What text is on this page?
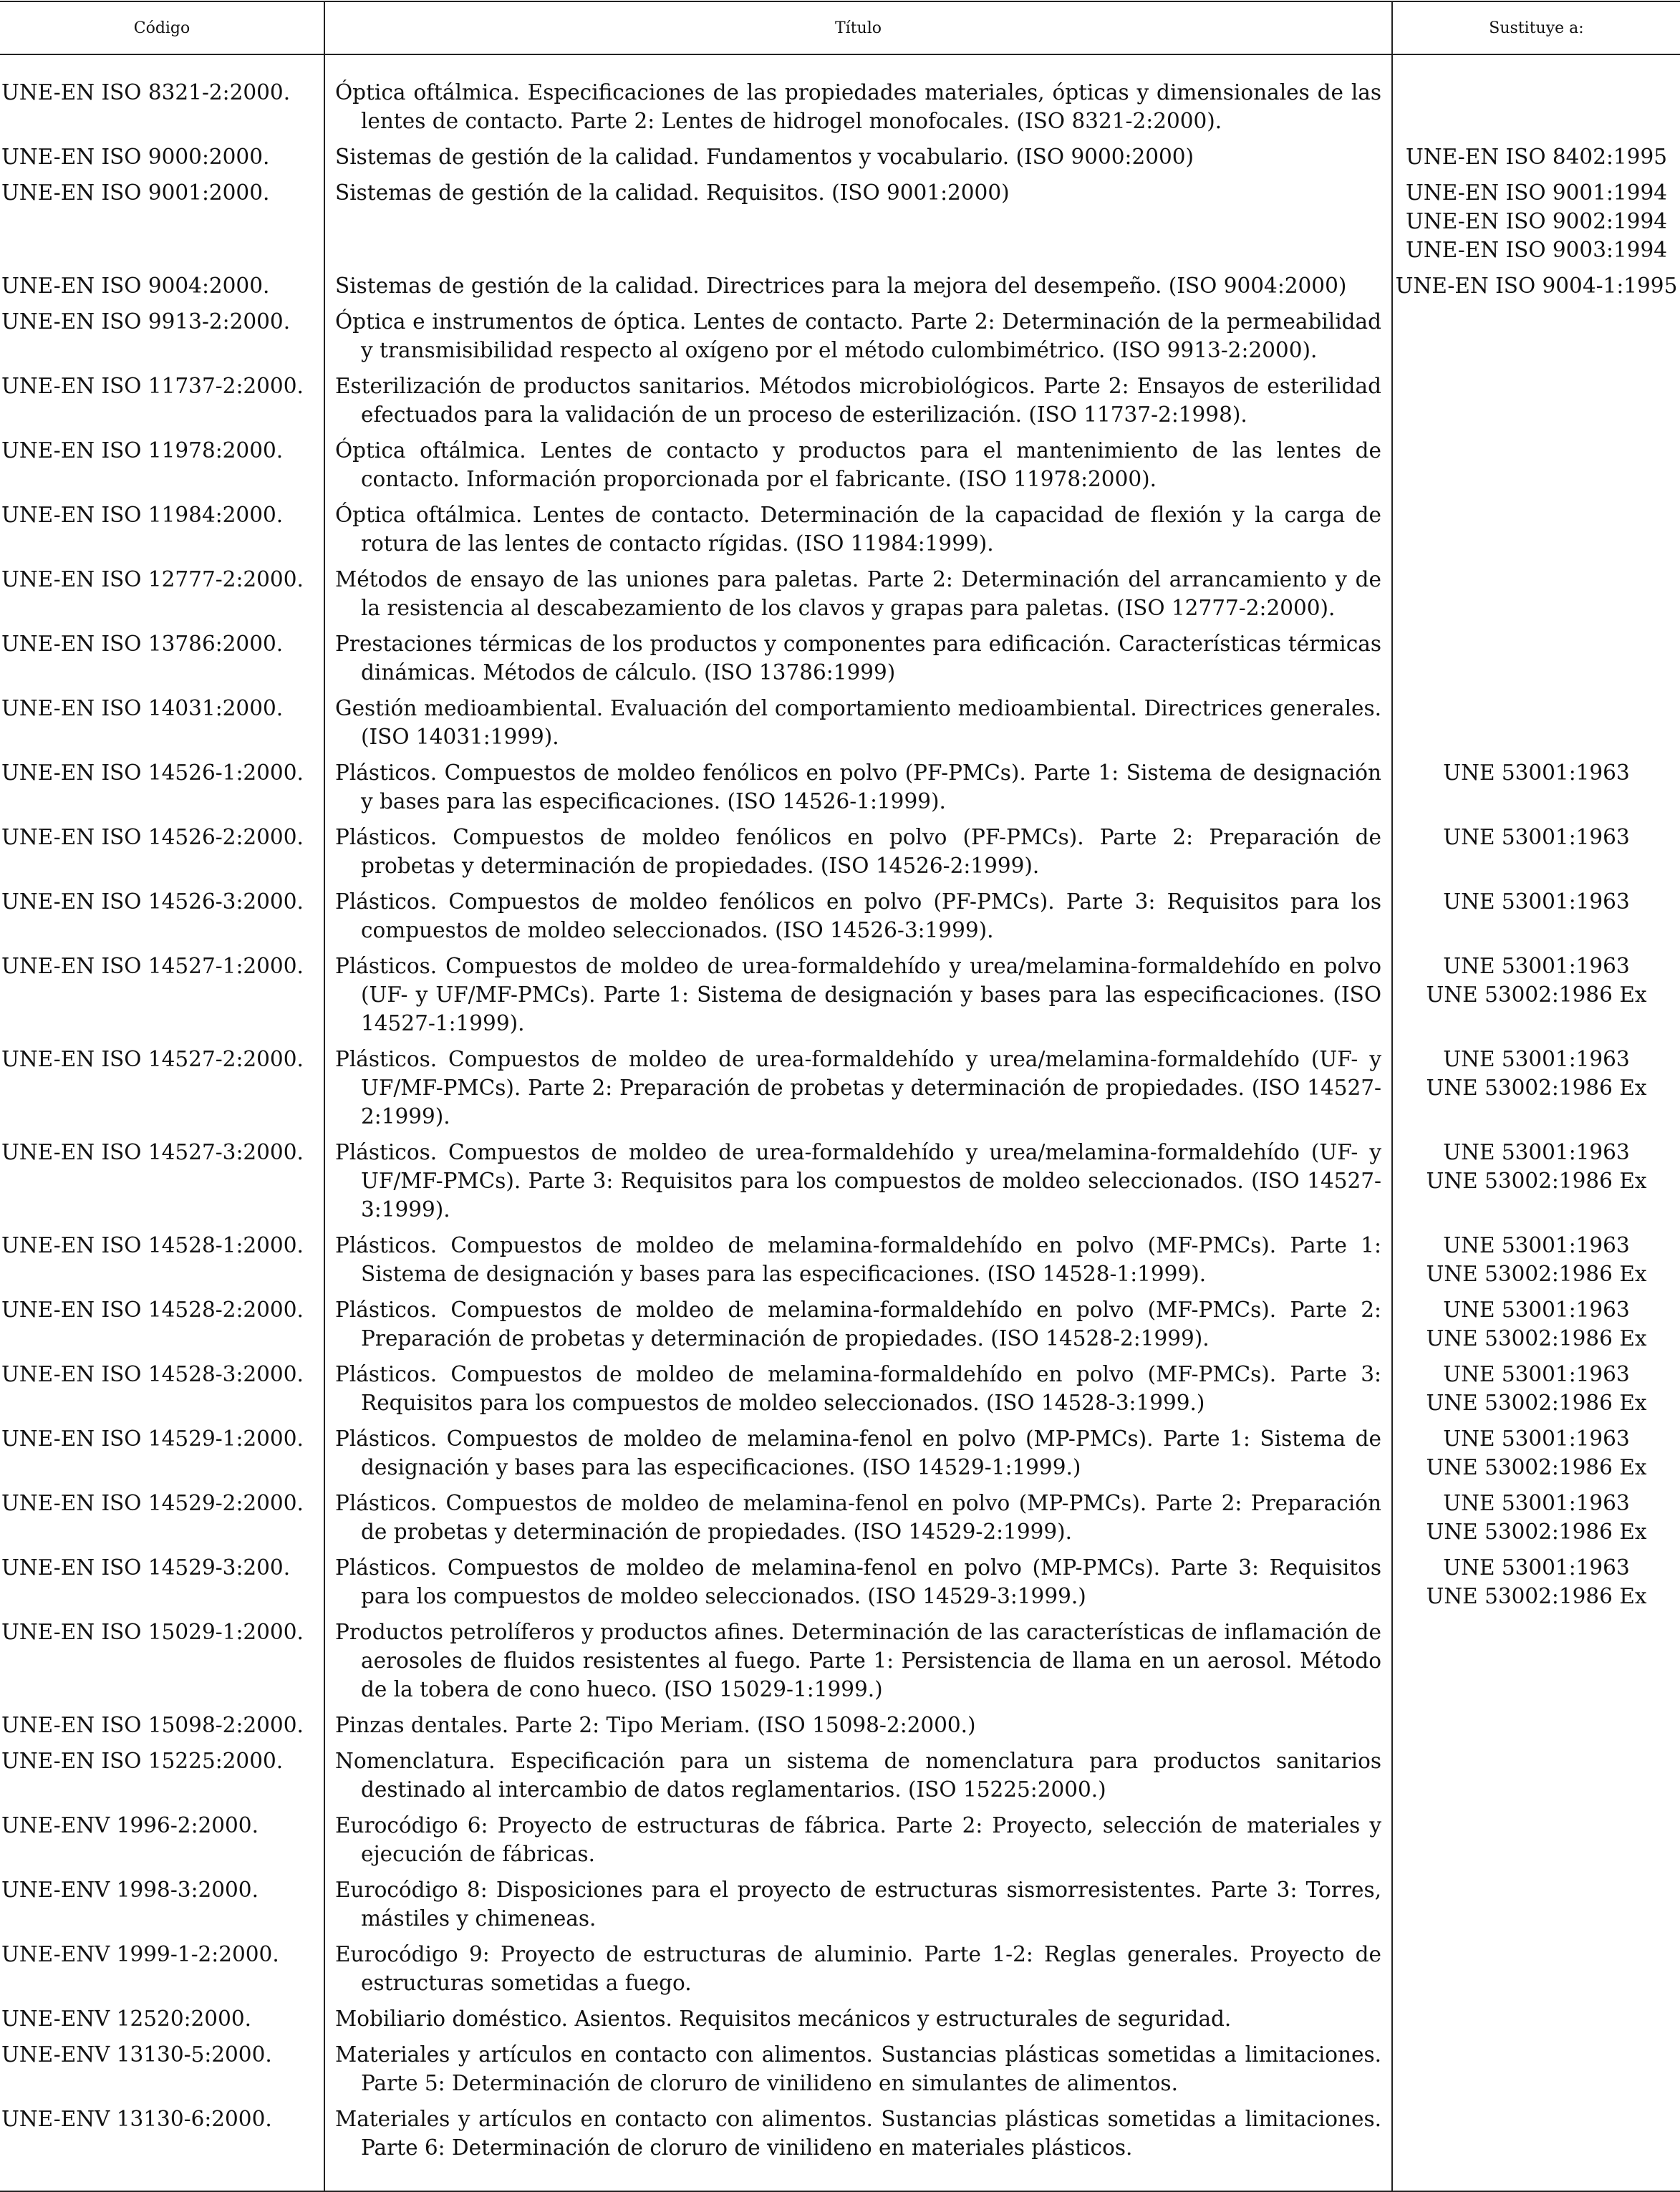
Código	Título	Sustituye a:
UNE-EN ISO 8321-2:2000.	Óptica oftálmica. Especificaciones de las propiedades materiales, ópticas y dimensionales de las lentes de contacto. Parte 2: Lentes de hidrogel monofocales. (ISO 8321-2:2000).	

UNE-EN ISO 9000:2000.	Sistemas de gestión de la calidad. Fundamentos y vocabulario. (ISO 9000:2000)	UNE-EN ISO 8402:1995

UNE-EN ISO 9001:2000.	Sistemas de gestión de la calidad. Requisitos. (ISO 9001:2000)	UNE-EN ISO 9001:1994
UNE-EN ISO 9002:1994
UNE-EN ISO 9003:1994

UNE-EN ISO 9004:2000.	Sistemas de gestión de la calidad. Directrices para la mejora del desempeño. (ISO 9004:2000)	UNE-EN ISO 9004-1:1995

UNE-EN ISO 9913-2:2000.	Óptica e instrumentos de óptica. Lentes de contacto. Parte 2: Determinación de la permeabilidad y transmisibilidad respecto al oxígeno por el método culombimétrico. (ISO 9913-2:2000).	

UNE-EN ISO 11737-2:2000.	Esterilización de productos sanitarios. Métodos microbiológicos. Parte 2: Ensayos de esterilidad efectuados para la validación de un proceso de esterilización. (ISO 11737-2:1998).	

UNE-EN ISO 11978:2000.	Óptica oftálmica. Lentes de contacto y productos para el mantenimiento de las lentes de contacto. Información proporcionada por el fabricante. (ISO 11978:2000).	

UNE-EN ISO 11984:2000.	Óptica oftálmica. Lentes de contacto. Determinación de la capacidad de flexión y la carga de rotura de las lentes de contacto rígidas. (ISO 11984:1999).	

UNE-EN ISO 12777-2:2000.	Métodos de ensayo de las uniones para paletas. Parte 2: Determinación del arrancamiento y de la resistencia al descabezamiento de los clavos y grapas para paletas. (ISO 12777-2:2000).	

UNE-EN ISO 13786:2000.	Prestaciones térmicas de los productos y componentes para edificación. Características térmicas dinámicas. Métodos de cálculo. (ISO 13786:1999)	

UNE-EN ISO 14031:2000.	Gestión medioambiental. Evaluación del comportamiento medioambiental. Directrices generales. (ISO 14031:1999).	

UNE-EN ISO 14526-1:2000.	Plásticos. Compuestos de moldeo fenólicos en polvo (PF-PMCs). Parte 1: Sistema de designación y bases para las especificaciones. (ISO 14526-1:1999).	UNE 53001:1963

UNE-EN ISO 14526-2:2000.	Plásticos. Compuestos de moldeo fenólicos en polvo (PF-PMCs). Parte 2: Preparación de probetas y determinación de propiedades. (ISO 14526-2:1999).	UNE 53001:1963

UNE-EN ISO 14526-3:2000.	Plásticos. Compuestos de moldeo fenólicos en polvo (PF-PMCs). Parte 3: Requisitos para los compuestos de moldeo seleccionados. (ISO 14526-3:1999).	UNE 53001:1963

UNE-EN ISO 14527-1:2000.	Plásticos. Compuestos de moldeo de urea-formaldehído y urea/melamina-formaldehído en polvo (UF- y UF/MF-PMCs). Parte 1: Sistema de designación y bases para las especificaciones. (ISO 14527-1:1999).	UNE 53001:1963
UNE 53002:1986 Ex

UNE-EN ISO 14527-2:2000.	Plásticos. Compuestos de moldeo de urea-formaldehído y urea/melamina-formaldehído (UF- y UF/MF-PMCs). Parte 2: Preparación de probetas y determinación de propiedades. (ISO 14527-2:1999).	UNE 53001:1963
UNE 53002:1986 Ex

UNE-EN ISO 14527-3:2000.	Plásticos. Compuestos de moldeo de urea-formaldehído y urea/melamina-formaldehído (UF- y UF/MF-PMCs). Parte 3: Requisitos para los compuestos de moldeo seleccionados. (ISO 14527-3:1999).	UNE 53001:1963
UNE 53002:1986 Ex

UNE-EN ISO 14528-1:2000.	Plásticos. Compuestos de moldeo de melamina-formaldehído en polvo (MF-PMCs). Parte 1: Sistema de designación y bases para las especificaciones. (ISO 14528-1:1999).	UNE 53001:1963
UNE 53002:1986 Ex

UNE-EN ISO 14528-2:2000.	Plásticos. Compuestos de moldeo de melamina-formaldehído en polvo (MF-PMCs). Parte 2: Preparación de probetas y determinación de propiedades. (ISO 14528-2:1999).	UNE 53001:1963
UNE 53002:1986 Ex

UNE-EN ISO 14528-3:2000.	Plásticos. Compuestos de moldeo de melamina-formaldehído en polvo (MF-PMCs). Parte 3: Requisitos para los compuestos de moldeo seleccionados. (ISO 14528-3:1999.)	UNE 53001:1963
UNE 53002:1986 Ex

UNE-EN ISO 14529-1:2000.	Plásticos. Compuestos de moldeo de melamina-fenol en polvo (MP-PMCs). Parte 1: Sistema de designación y bases para las especificaciones. (ISO 14529-1:1999.)	UNE 53001:1963
UNE 53002:1986 Ex

UNE-EN ISO 14529-2:2000.	Plásticos. Compuestos de moldeo de melamina-fenol en polvo (MP-PMCs). Parte 2: Preparación de probetas y determinación de propiedades. (ISO 14529-2:1999).	UNE 53001:1963
UNE 53002:1986 Ex

UNE-EN ISO 14529-3:200.	Plásticos. Compuestos de moldeo de melamina-fenol en polvo (MP-PMCs). Parte 3: Requisitos para los compuestos de moldeo seleccionados. (ISO 14529-3:1999.)	UNE 53001:1963
UNE 53002:1986 Ex

UNE-EN ISO 15029-1:2000.	Productos petrolíferos y productos afines. Determinación de las características de inflamación de aerosoles de fluidos resistentes al fuego. Parte 1: Persistencia de llama en un aerosol. Método de la tobera de cono hueco. (ISO 15029-1:1999.)	

UNE-EN ISO 15098-2:2000.	Pinzas dentales. Parte 2: Tipo Meriam. (ISO 15098-2:2000.)	

UNE-EN ISO 15225:2000.	Nomenclatura. Especificación para un sistema de nomenclatura para productos sanitarios destinado al intercambio de datos reglamentarios. (ISO 15225:2000.)	

UNE-ENV 1996-2:2000.	Eurocódigo 6: Proyecto de estructuras de fábrica. Parte 2: Proyecto, selección de materiales y ejecución de fábricas.	

UNE-ENV 1998-3:2000.	Eurocódigo 8: Disposiciones para el proyecto de estructuras sismorresistentes. Parte 3: Torres, mástiles y chimeneas.	

UNE-ENV 1999-1-2:2000.	Eurocódigo 9: Proyecto de estructuras de aluminio. Parte 1-2: Reglas generales. Proyecto de estructuras sometidas a fuego.	

UNE-ENV 12520:2000.	Mobiliario doméstico. Asientos. Requisitos mecánicos y estructurales de seguridad.	

UNE-ENV 13130-5:2000.	Materiales y artículos en contacto con alimentos. Sustancias plásticas sometidas a limitaciones. Parte 5: Determinación de cloruro de vinilideno en simulantes de alimentos.	

UNE-ENV 13130-6:2000.	Materiales y artículos en contacto con alimentos. Sustancias plásticas sometidas a limitaciones. Parte 6: Determinación de cloruro de vinilideno en materiales plásticos.	
